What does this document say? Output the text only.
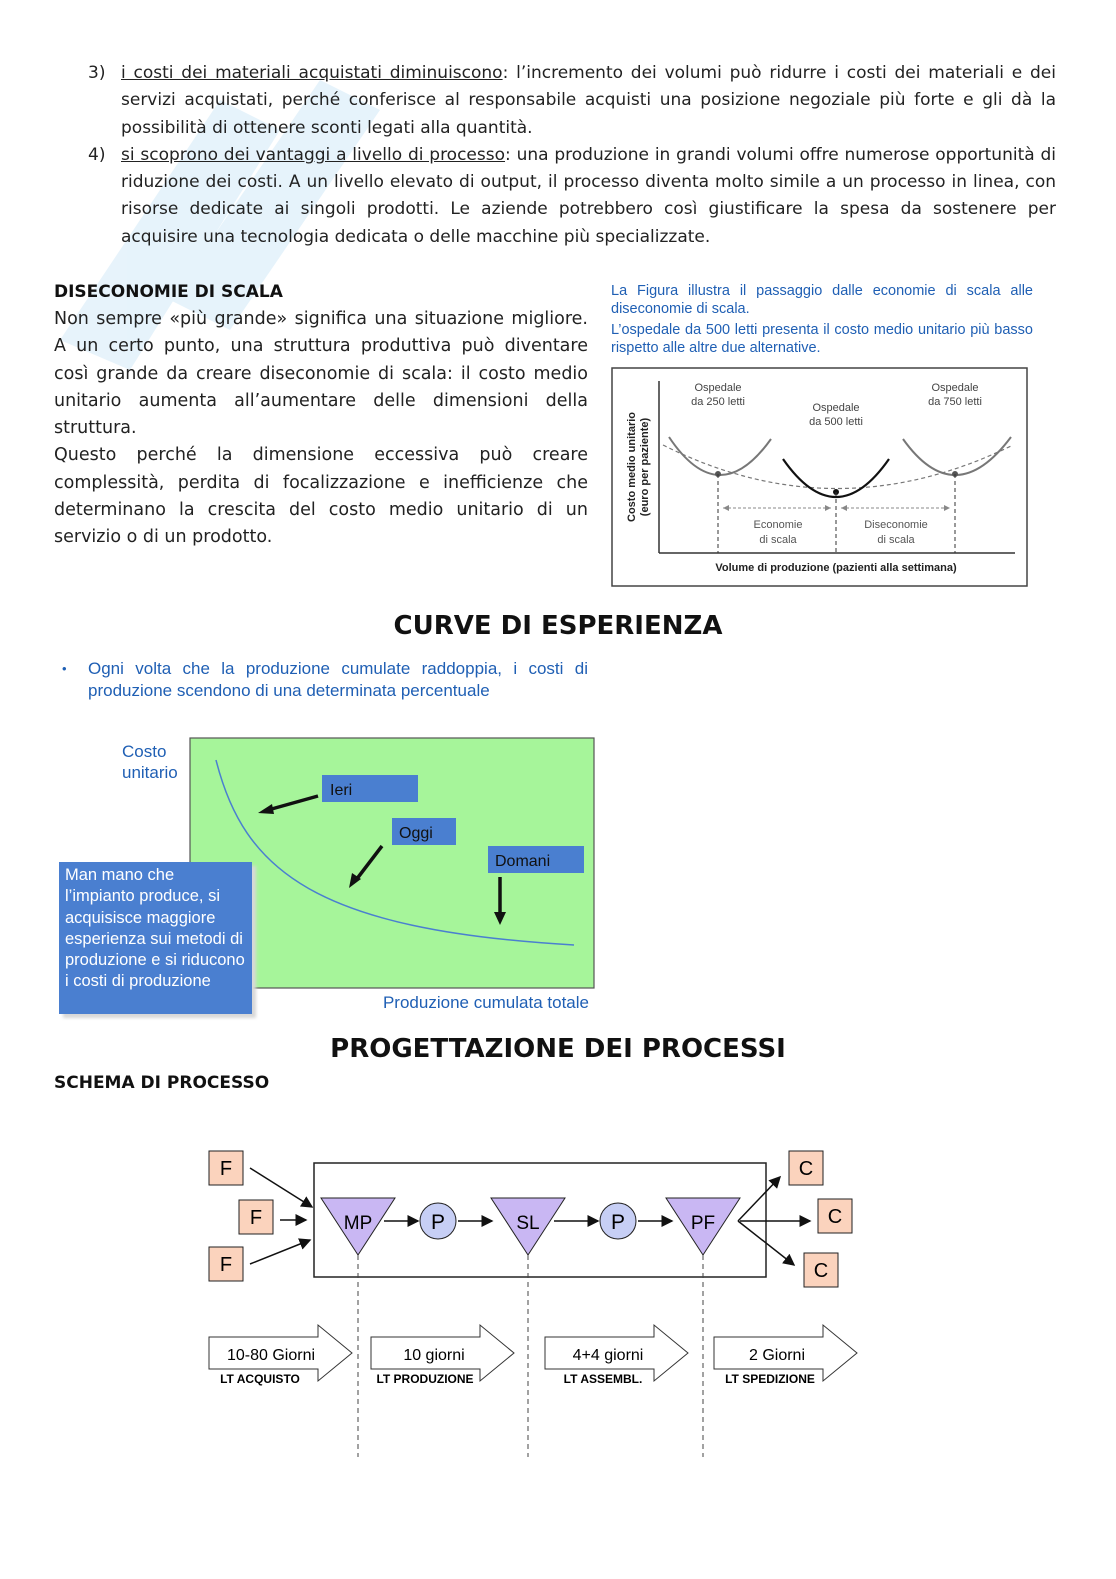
3) i costi dei materiali acquistati diminuiscono: l’incremento dei volumi può ridurre i costi dei materiali e dei servizi acquistati, perché conferisce al responsabile acquisti una posizione negoziale più forte e gli dà la possibilità di ottenere sconti legati alla quantità.
4) si scoprono dei vantaggi a livello di processo: una produzione in grandi volumi offre numerose opportunità di riduzione dei costi. A un livello elevato di output, il processo diventa molto simile a un processo in linea, con risorse dedicate ai singoli prodotti. Le aziende potrebbero così giustificare la spesa da sostenere per acquisire una tecnologia dedicata o delle macchine più specializzate.
DISECONOMIE DI SCALA
Non sempre «più grande» significa una situazione migliore. A un certo punto, una struttura produttiva può diventare così grande da creare diseconomie di scala: il costo medio unitario aumenta all’aumentare delle dimensioni della struttura.
Questo perché la dimensione eccessiva può creare complessità, perdita di focalizzazione e inefficienze che determinano la crescita del costo medio unitario di un servizio o di un prodotto.
La Figura illustra il passaggio dalle economie di scala alle diseconomie di scala.
L’ospedale da 500 letti presenta il costo medio unitario più basso rispetto alle altre due alternative.
Ospedale
da 250 letti	Ospedale
da 500 letti
Ospedale
da 750 letti
Economie
di scala
Diseconomie
di scala
Volume di produzione (pazienti alla settimana)
Costo medio unitario (euro per paziente)
CURVE DI ESPERIENZA
•	Ogni volta che la produzione cumulate raddoppia, i costi di produzione scendono di una determinata percentuale
Costo
unitario
Produzione cumulata totale
Ieri
Oggi
Domani
Man mano che l’impianto produce, si acquisisce maggiore esperienza sui metodi di produzione e si riducono i costi di produzione
PROGETTAZIONE DEI PROCESSI
SCHEMA DI PROCESSO
F
F
F
MP	SL	PF
P	P
C
C
C
10-80 Giorni
LT ACQUISTO
10 giorni
LT PRODUZIONE
4+4 giorni
LT ASSEMBL.
2 Giorni
LT SPEDIZIONE
